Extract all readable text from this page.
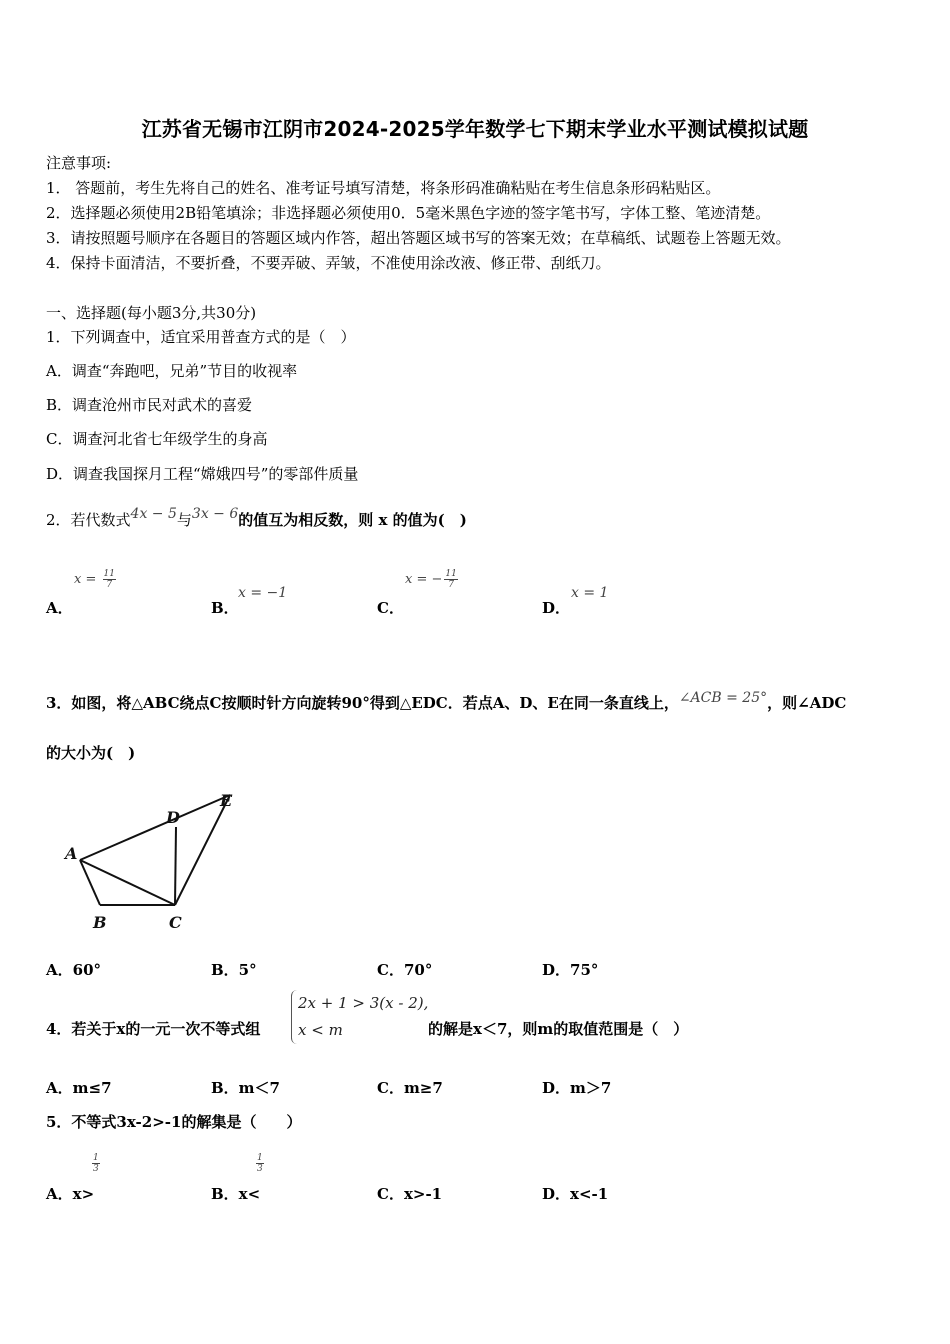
江苏省无锡市江阴市2024-2025学年数学七下期末学业水平测试模拟试题
注意事项:
1． 答题前，考生先将自己的姓名、准考证号填写清楚，将条形码准确粘贴在考生信息条形码粘贴区。
2．选择题必须使用2B铅笔填涂；非选择题必须使用0．5毫米黑色字迹的签字笔书写，字体工整、笔迹清楚。
3．请按照题号顺序在各题目的答题区域内作答，超出答题区域书写的答案无效；在草稿纸、试题卷上答题无效。
4．保持卡面清洁，不要折叠，不要弄破、弄皱，不准使用涂改液、修正带、刮纸刀。
一、选择题(每小题3分,共30分)
1．下列调查中，适宜采用普查方式的是（　）
A．调查“奔跑吧，兄弟”节目的收视率
B．调查沧州市民对武术的喜爱
C．调查河北省七年级学生的身高
D．调查我国探月工程“嫦娥四号”的零部件质量
2．若代数式4x − 5与3x − 6的值互为相反数，则 x 的值为(　)
A．
$x = \frac{11}{7}$
B．
x = −1
C．
x = − $\frac{11}{7}$
D．
x = 1
3．如图，将△ABC绕点C按顺时针方向旋转90°得到△EDC．若点A、D、E在同一条直线上，∠ACB = 25°，则∠ADC
的大小为(　)
A
B	C
D
E
A．60°	B．5°	C．70°	D．75°
4．若关于x的一元一次不等式组
2x + 1 > 3(x - 2),
x < m	的解是x＜7，则m的取值范围是（　）
A．m≤7	B．m＜7	C．m≥7	D．m＞7
5．不等式3x-2>-1的解集是（　　）
A．x>
$\frac{1}{3}$
B．x<
$\frac{1}{3}$
C．x>-1	D．x<-1
